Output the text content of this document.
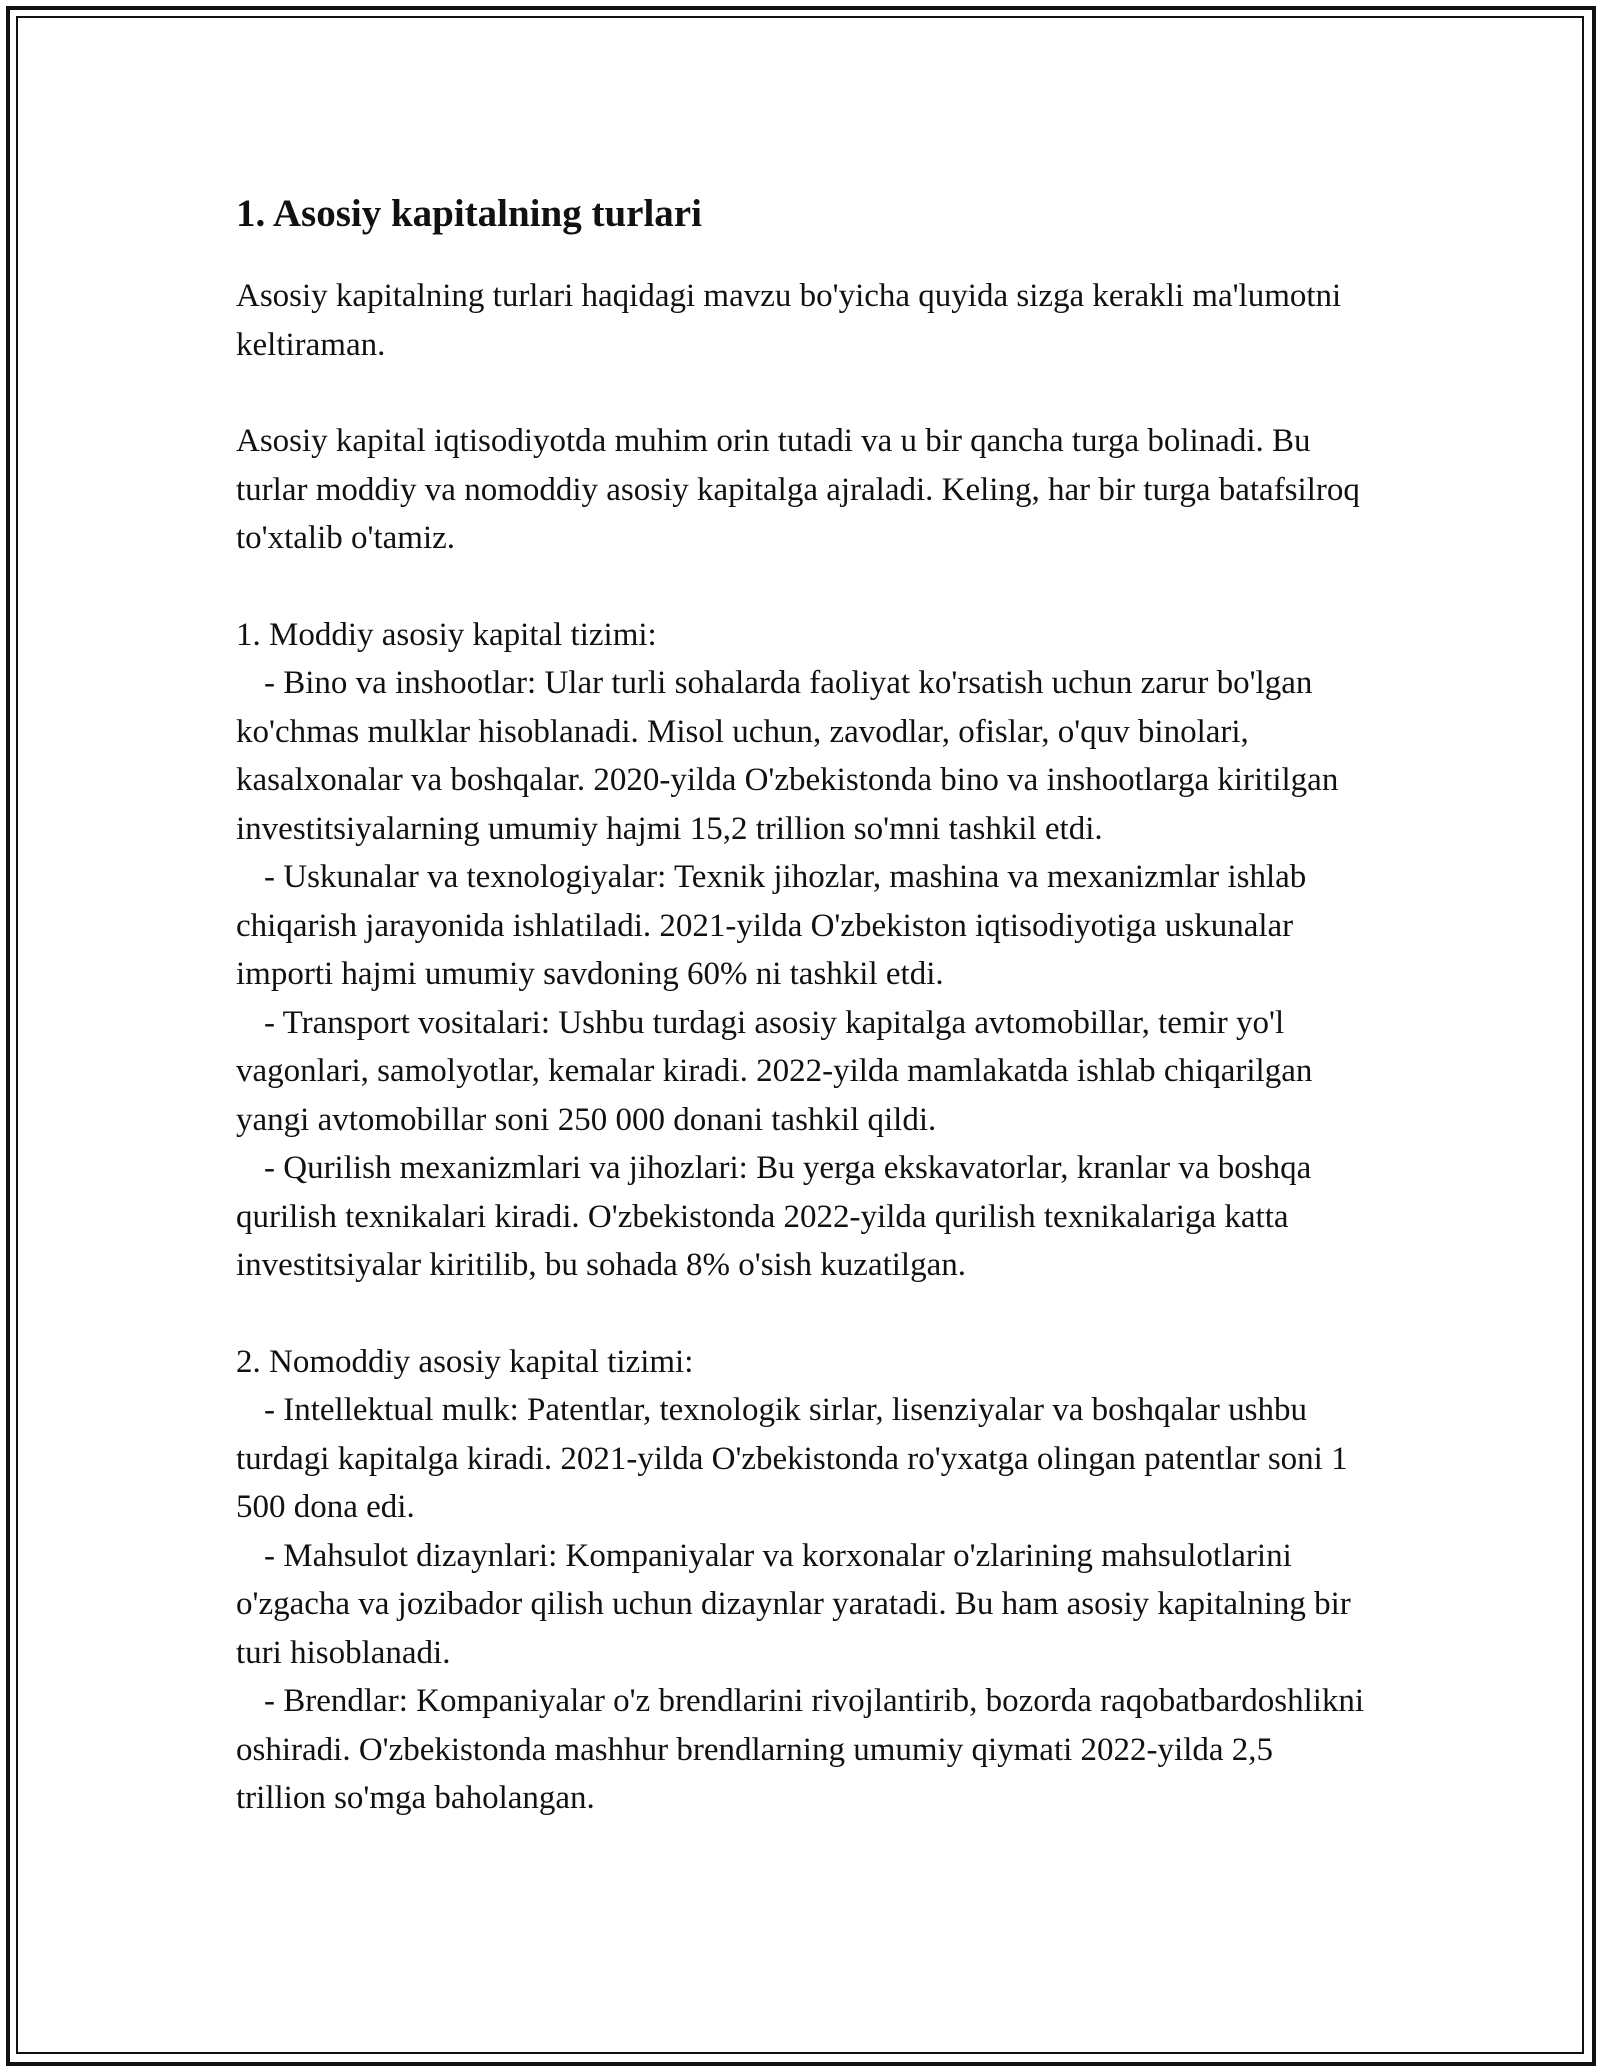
1. Asosiy kapitalning turlari

Asosiy kapitalning turlari haqidagi mavzu bo'yicha quyida sizga kerakli ma'lumotni keltiraman.

Asosiy kapital iqtisodiyotda muhim orin tutadi va u bir qancha turga bolinadi. Bu turlar moddiy va nomoddiy asosiy kapitalga ajraladi. Keling, har bir turga batafsilroq to'xtalib o'tamiz.

1. Moddiy asosiy kapital tizimi:

- Bino va inshootlar: Ular turli sohalarda faoliyat ko'rsatish uchun zarur bo'lgan ko'chmas mulklar hisoblanadi. Misol uchun, zavodlar, ofislar, o'quv binolari, kasalxonalar va boshqalar. 2020-yilda O'zbekistonda bino va inshootlarga kiritilgan investitsiyalarning umumiy hajmi 15,2 trillion so'mni tashkil etdi.

- Uskunalar va texnologiyalar: Texnik jihozlar, mashina va mexanizmlar ishlab chiqarish jarayonida ishlatiladi. 2021-yilda O'zbekiston iqtisodiyotiga uskunalar importi hajmi umumiy savdoning 60% ni tashkil etdi.

- Transport vositalari: Ushbu turdagi asosiy kapitalga avtomobillar, temir yo'l vagonlari, samolyotlar, kemalar kiradi. 2022-yilda mamlakatda ishlab chiqarilgan yangi avtomobillar soni 250 000 donani tashkil qildi.

- Qurilish mexanizmlari va jihozlari: Bu yerga ekskavatorlar, kranlar va boshqa qurilish texnikalari kiradi. O'zbekistonda 2022-yilda qurilish texnikalariga katta investitsiyalar kiritilib, bu sohada 8% o'sish kuzatilgan.

2. Nomoddiy asosiy kapital tizimi:

- Intellektual mulk: Patentlar, texnologik sirlar, lisenziyalar va boshqalar ushbu turdagi kapitalga kiradi. 2021-yilda O'zbekistonda ro'yxatga olingan patentlar soni 1 500 dona edi.

- Mahsulot dizaynlari: Kompaniyalar va korxonalar o'zlarining mahsulotlarini o'zgacha va jozibador qilish uchun dizaynlar yaratadi. Bu ham asosiy kapitalning bir turi hisoblanadi.

- Brendlar: Kompaniyalar o'z brendlarini rivojlantirib, bozorda raqobatbardoshlikni oshiradi. O'zbekistonda mashhur brendlarning umumiy qiymati 2022-yilda 2,5 trillion so'mga baholangan.
